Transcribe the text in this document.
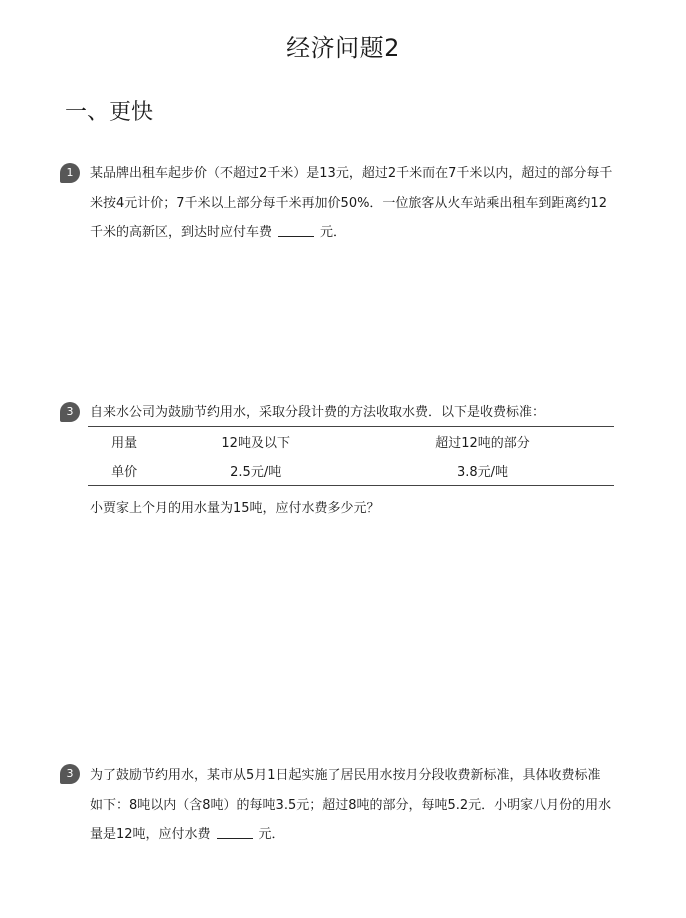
经济问题2
一、更快
1	某品牌出租车起步价（不超过2千米）是13元，超过2千米而在7千米以内，超过的部分每千
米按4元计价；7千米以上部分每千米再加价50%．一位旅客从火车站乘出租车到距离约12
千米的高新区，到达时应付车费	元．
3	自来水公司为鼓励节约用水，采取分段计费的方法收取水费．以下是收费标准：
用量	12吨及以下	超过12吨的部分
单价	2.5元/吨	3.8元/吨
小贾家上个月的用水量为15吨，应付水费多少元？
3	为了鼓励节约用水，某市从5月1日起实施了居民用水按月分段收费新标准，具体收费标准
如下：8吨以内（含8吨）的每吨3.5元；超过8吨的部分，每吨5.2元．小明家八月份的用水
量是12吨，应付水费	元．
